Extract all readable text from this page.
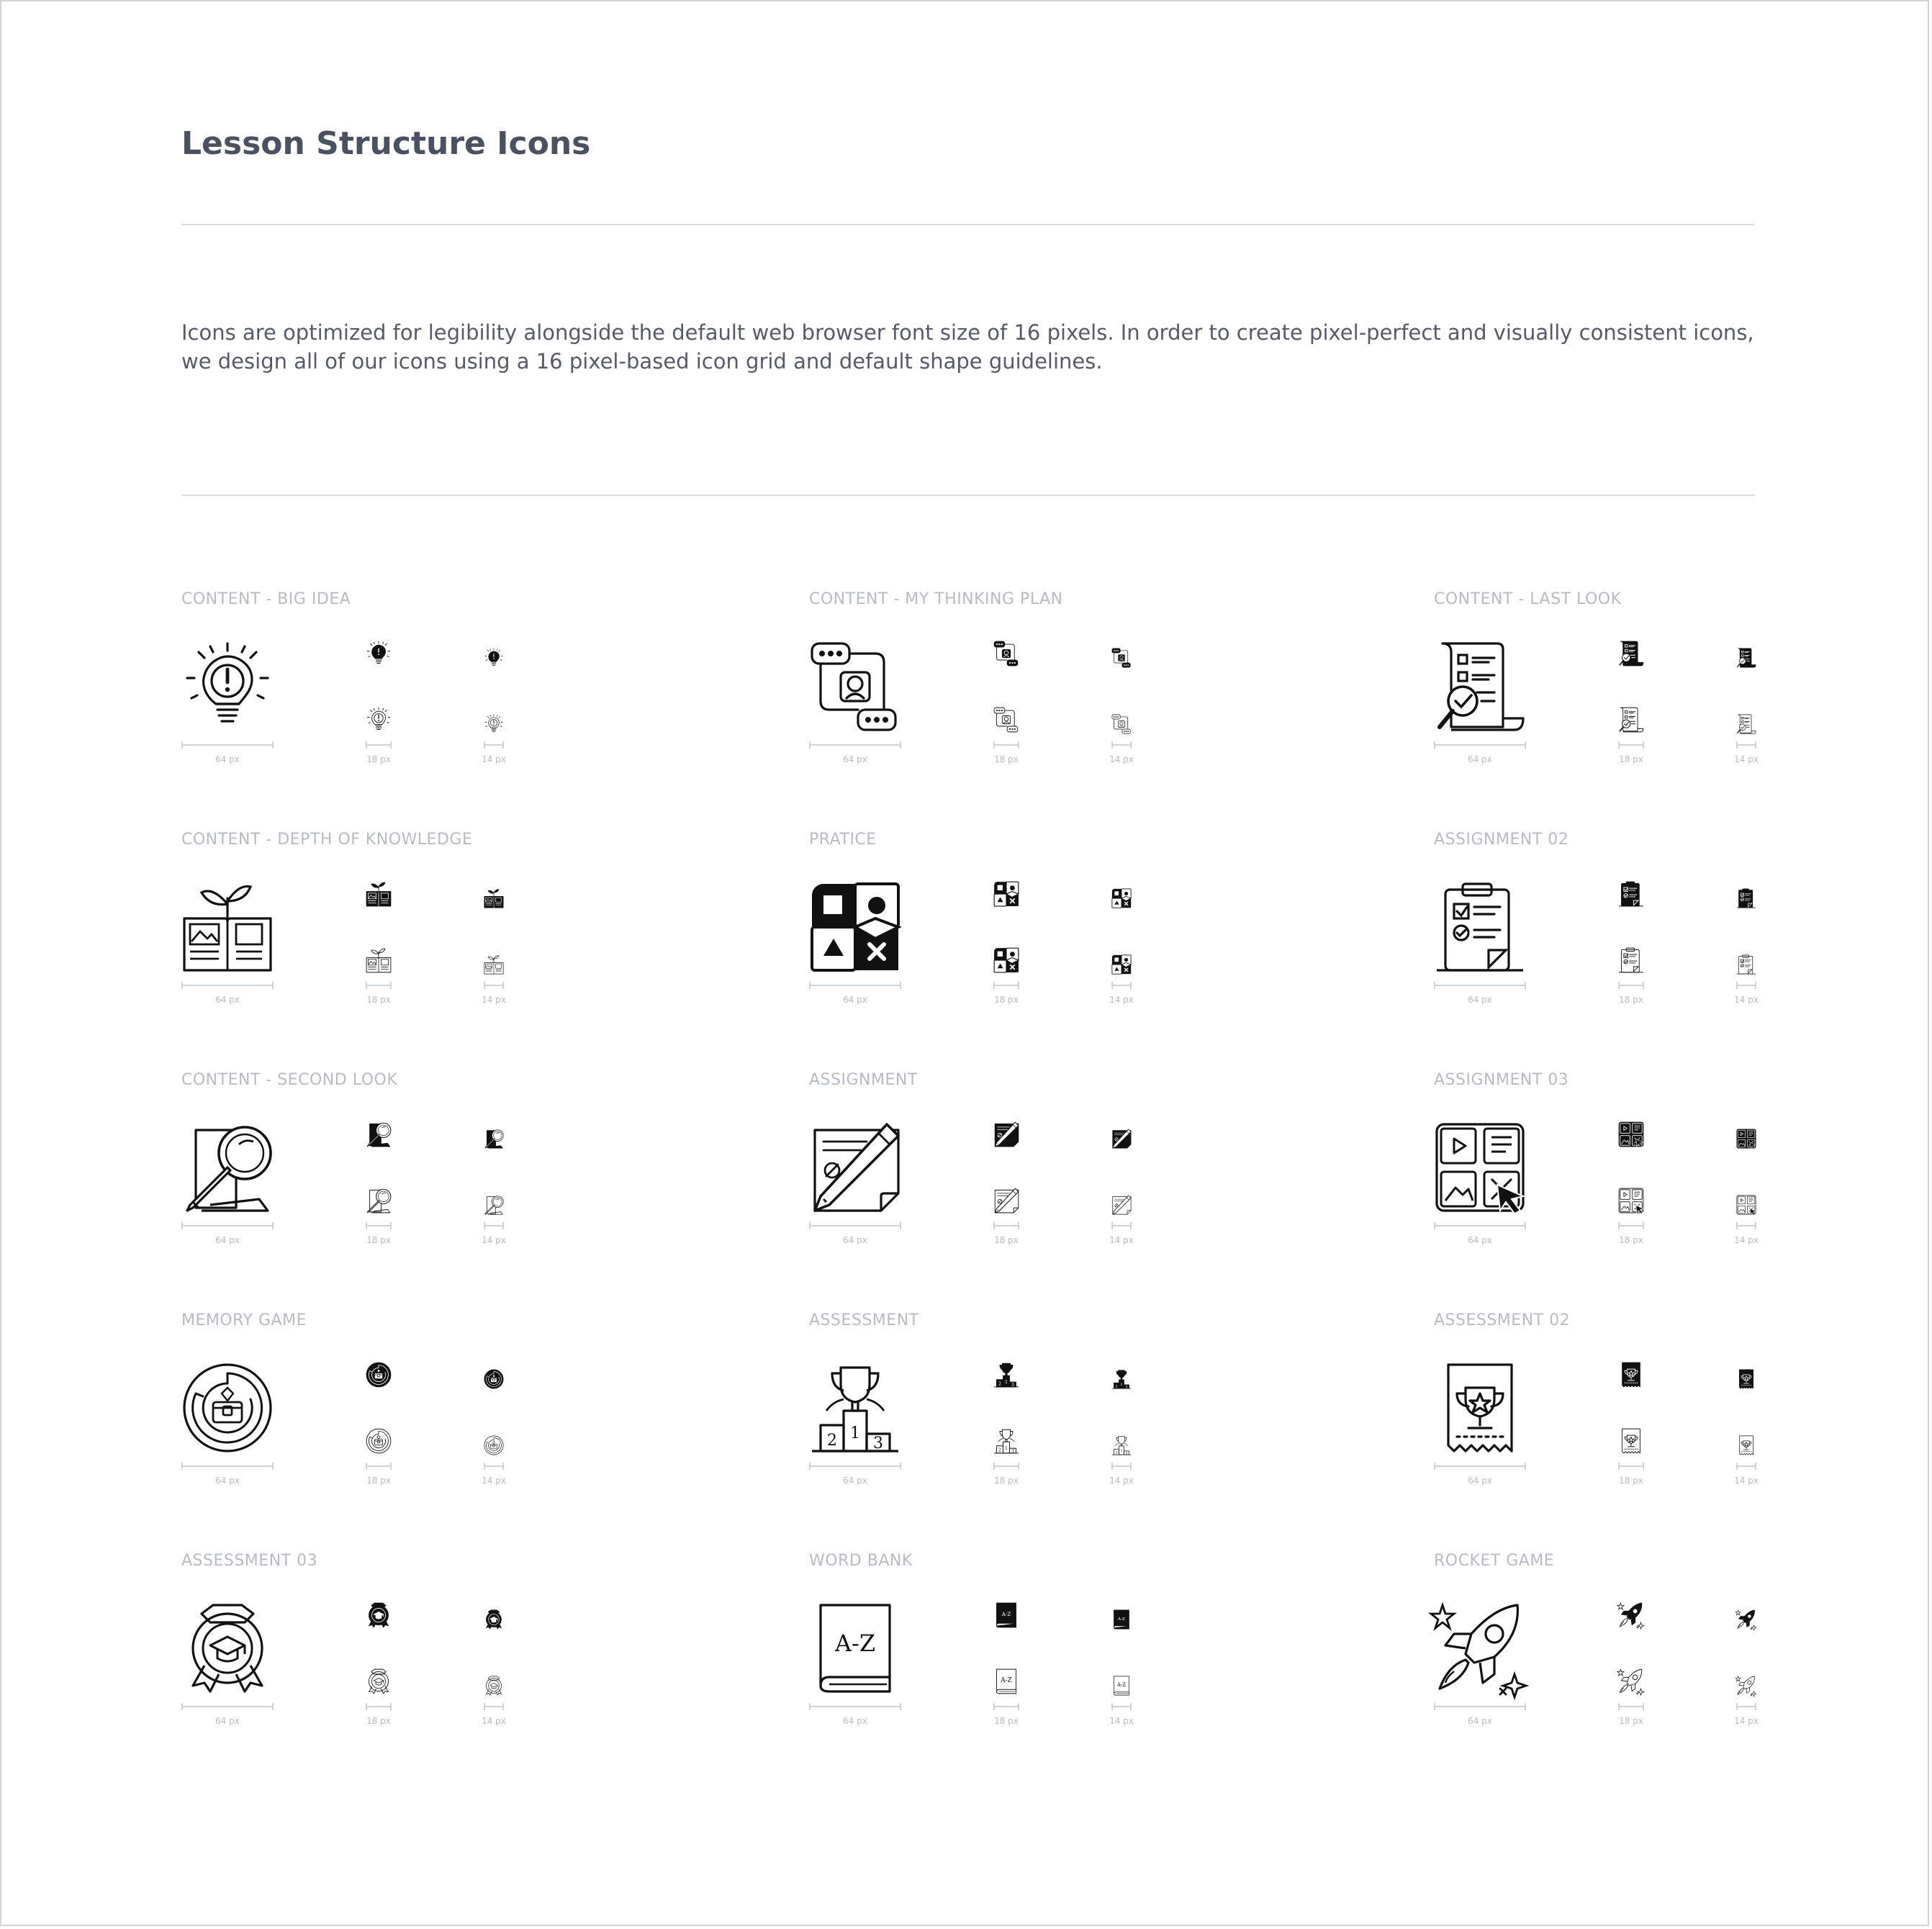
Lesson Structure Icons

Icons are optimized for legibility alongside the default web browser font size of 16 pixels. In order to create pixel-perfect and visually consistent icons, we design all of our icons using a 16 pixel-based icon grid and default shape guidelines.

CONTENT - BIG IDEA
64 px	18 px	14 px
CONTENT - MY THINKING PLAN
64 px	18 px	14 px
CONTENT - LAST LOOK
64 px	18 px	14 px
CONTENT - DEPTH OF KNOWLEDGE
64 px	18 px	14 px
PRATICE
64 px	18 px	14 px
ASSIGNMENT 02
64 px	18 px	14 px
CONTENT - SECOND LOOK
64 px	18 px	14 px
ASSIGNMENT
64 px	18 px	14 px
ASSIGNMENT 03
64 px	18 px	14 px
MEMORY GAME
64 px	18 px	14 px
ASSESSMENT
1
2	3
1
2 3
1
2 3
1
2 3
1
2 3
64 px	18 px	14 px
ASSESSMENT 02
64 px	18 px	14 px
ASSESSMENT 03
64 px	18 px	14 px
WORD BANK
A-Z
A-Z
A-Z
A-Z
A-Z
64 px	18 px	14 px
ROCKET GAME
64 px	18 px	14 px
